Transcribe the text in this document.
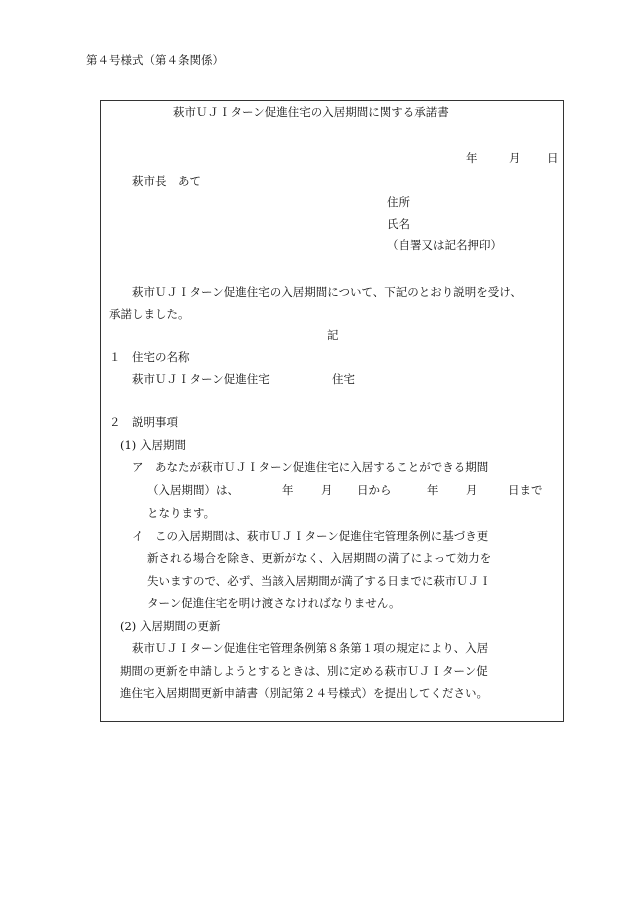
第４号様式（第４条関係）
萩市ＵＪＩターン促進住宅の入居期間に関する承諾書
年	月 日
萩市長　あて
住所
氏名
（自署又は記名押印）
萩市ＵＪＩターン促進住宅の入居期間について、下記のとおり説明を受け、
承諾しました。
記
１　住宅の名称
萩市ＵＪＩターン促進住宅	住宅
２　説明事項
(1) 入居期間
ア　あなたが萩市ＵＪＩターン促進住宅に入居することができる期間
（入居期間）は、	年 月 日から	年 月	日まで
となります。
イ　この入居期間は、萩市ＵＪＩターン促進住宅管理条例に基づき更
新される場合を除き、更新がなく、入居期間の満了によって効力を
失いますので、必ず、当該入居期間が満了する日までに萩市ＵＪＩ
ターン促進住宅を明け渡さなければなりません。
(2) 入居期間の更新
萩市ＵＪＩターン促進住宅管理条例第８条第１項の規定により、入居
期間の更新を申請しようとするときは、別に定める萩市ＵＪＩターン促
進住宅入居期間更新申請書（別記第２４号様式）を提出してください。
